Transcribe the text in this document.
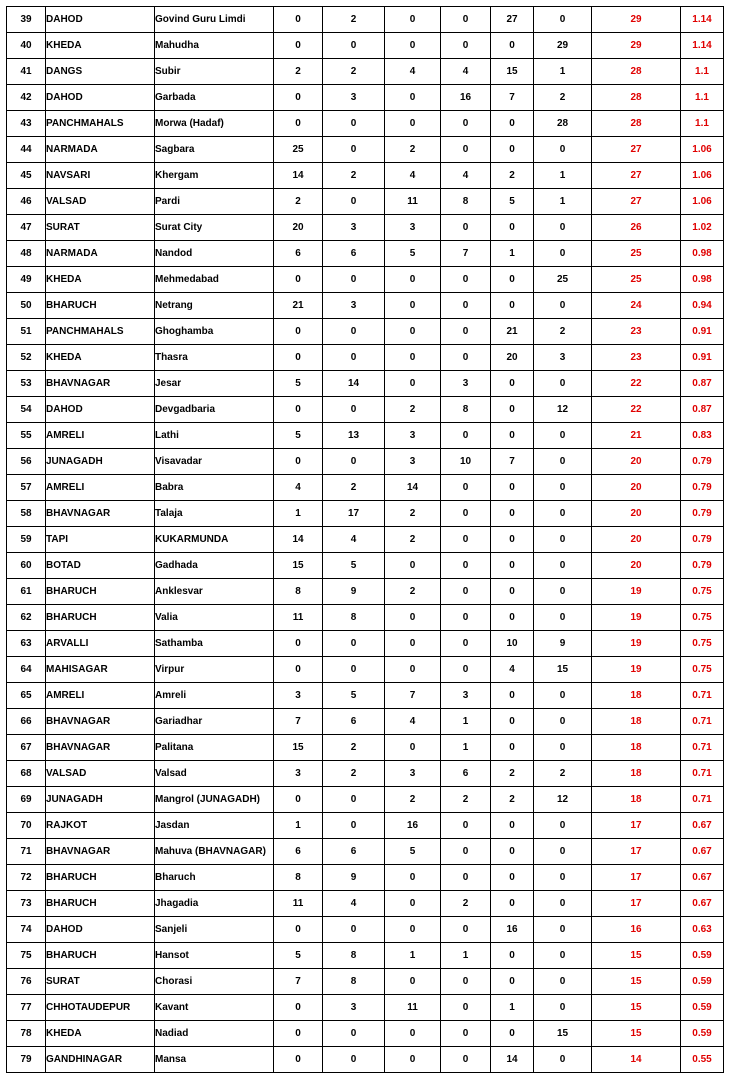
39	DAHOD	Govind Guru Limdi	0	2	0	0	27	0	29	1.14
40	KHEDA	Mahudha	0	0	0	0	0	29	29	1.14
41	DANGS	Subir	2	2	4	4	15	1	28	1.1
42	DAHOD	Garbada	0	3	0	16	7	2	28	1.1
43	PANCHMAHALS	Morwa (Hadaf)	0	0	0	0	0	28	28	1.1
44	NARMADA	Sagbara	25	0	2	0	0	0	27	1.06
45	NAVSARI	Khergam	14	2	4	4	2	1	27	1.06
46	VALSAD	Pardi	2	0	11	8	5	1	27	1.06
47	SURAT	Surat City	20	3	3	0	0	0	26	1.02
48	NARMADA	Nandod	6	6	5	7	1	0	25	0.98
49	KHEDA	Mehmedabad	0	0	0	0	0	25	25	0.98
50	BHARUCH	Netrang	21	3	0	0	0	0	24	0.94
51	PANCHMAHALS	Ghoghamba	0	0	0	0	21	2	23	0.91
52	KHEDA	Thasra	0	0	0	0	20	3	23	0.91
53	BHAVNAGAR	Jesar	5	14	0	3	0	0	22	0.87
54	DAHOD	Devgadbaria	0	0	2	8	0	12	22	0.87
55	AMRELI	Lathi	5	13	3	0	0	0	21	0.83
56	JUNAGADH	Visavadar	0	0	3	10	7	0	20	0.79
57	AMRELI	Babra	4	2	14	0	0	0	20	0.79
58	BHAVNAGAR	Talaja	1	17	2	0	0	0	20	0.79
59	TAPI	KUKARMUNDA	14	4	2	0	0	0	20	0.79
60	BOTAD	Gadhada	15	5	0	0	0	0	20	0.79
61	BHARUCH	Anklesvar	8	9	2	0	0	0	19	0.75
62	BHARUCH	Valia	11	8	0	0	0	0	19	0.75
63	ARVALLI	Sathamba	0	0	0	0	10	9	19	0.75
64	MAHISAGAR	Virpur	0	0	0	0	4	15	19	0.75
65	AMRELI	Amreli	3	5	7	3	0	0	18	0.71
66	BHAVNAGAR	Gariadhar	7	6	4	1	0	0	18	0.71
67	BHAVNAGAR	Palitana	15	2	0	1	0	0	18	0.71
68	VALSAD	Valsad	3	2	3	6	2	2	18	0.71
69	JUNAGADH	Mangrol (JUNAGADH)	0	0	2	2	2	12	18	0.71
70	RAJKOT	Jasdan	1	0	16	0	0	0	17	0.67
71	BHAVNAGAR	Mahuva (BHAVNAGAR)	6	6	5	0	0	0	17	0.67
72	BHARUCH	Bharuch	8	9	0	0	0	0	17	0.67
73	BHARUCH	Jhagadia	11	4	0	2	0	0	17	0.67
74	DAHOD	Sanjeli	0	0	0	0	16	0	16	0.63
75	BHARUCH	Hansot	5	8	1	1	0	0	15	0.59
76	SURAT	Chorasi	7	8	0	0	0	0	15	0.59
77	CHHOTAUDEPUR	Kavant	0	3	11	0	1	0	15	0.59
78	KHEDA	Nadiad	0	0	0	0	0	15	15	0.59
79	GANDHINAGAR	Mansa	0	0	0	0	14	0	14	0.55
